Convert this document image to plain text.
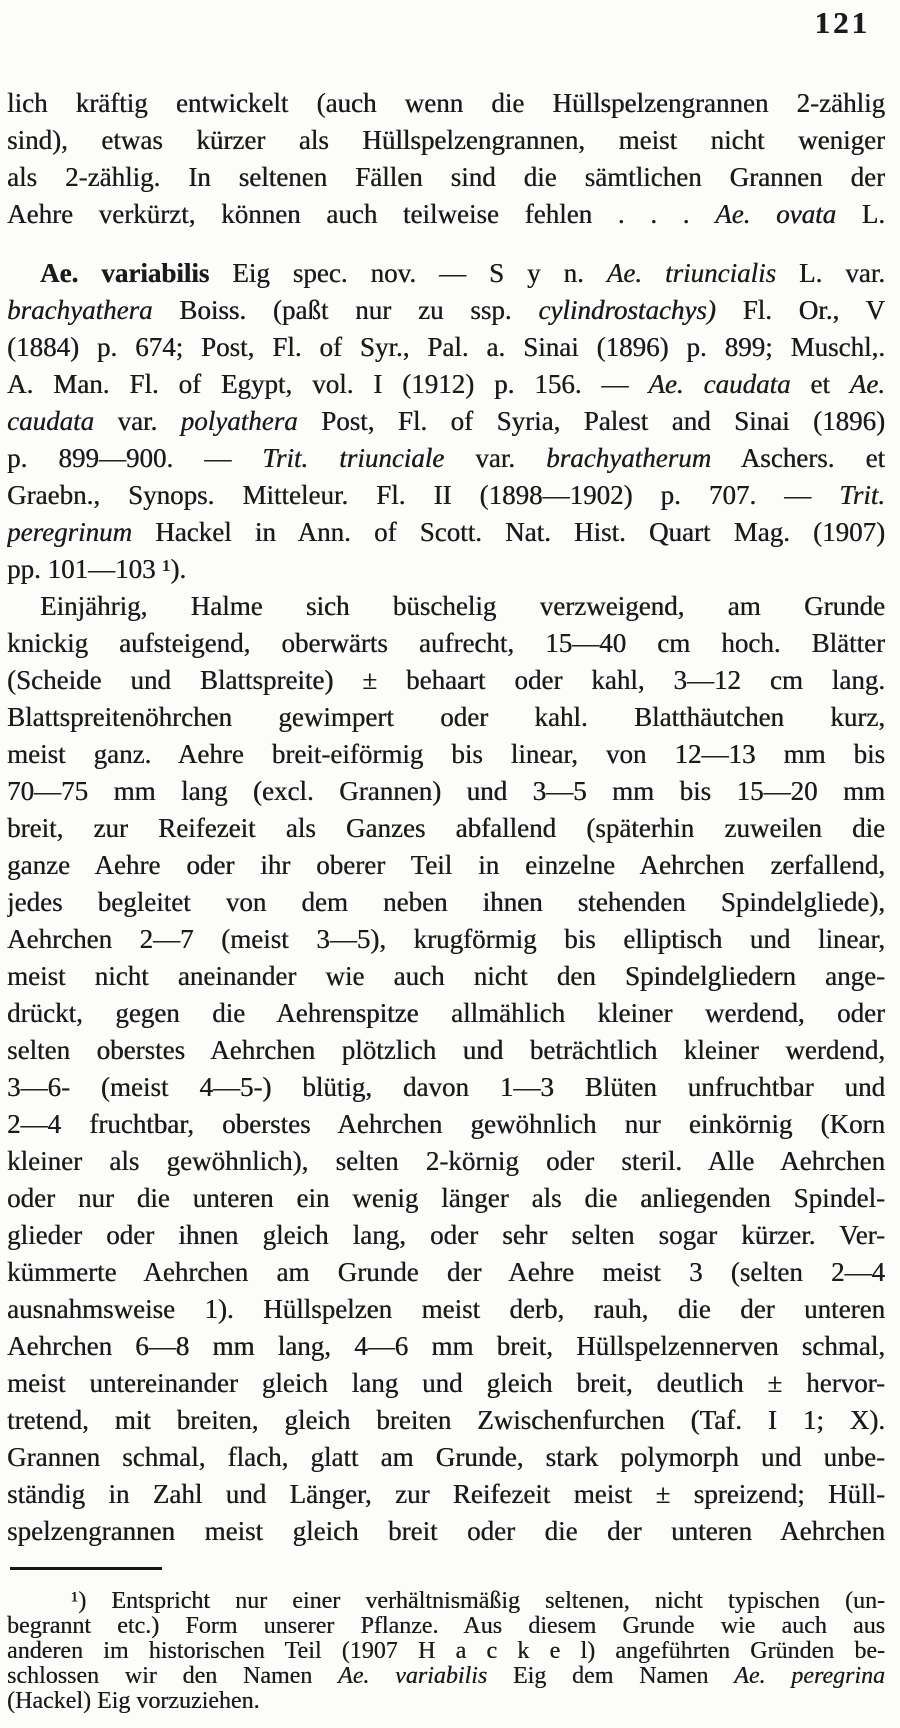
121
lich kräftig entwickelt (auch wenn die Hüllspelzengrannen 2-zählig
sind), etwas kürzer als Hüllspelzengrannen, meist nicht weniger
als 2-zählig. In seltenen Fällen sind die sämtlichen Grannen der
Aehre verkürzt, können auch teilweise fehlen . . . Ae. ovata L.
Ae. variabilis Eig spec. nov. — S y n. Ae. triuncialis L. var.
brachyathera Boiss. (paßt nur zu ssp. cylindrostachys) Fl. Or., V
(1884) p. 674; Post, Fl. of Syr., Pal. a. Sinai (1896) p. 899; Muschl,.
A. Man. Fl. of Egypt, vol. I (1912) p. 156. — Ae. caudata et Ae.
caudata var. polyathera Post, Fl. of Syria, Palest and Sinai (1896)
p. 899—900. — Trit. triunciale var. brachyatherum Aschers. et
Graebn., Synops. Mitteleur. Fl. II (1898—1902) p. 707. — Trit.
peregrinum Hackel in Ann. of Scott. Nat. Hist. Quart Mag. (1907)
pp. 101—103 ¹).
Einjährig, Halme sich büschelig verzweigend, am Grunde
knickig aufsteigend, oberwärts aufrecht, 15—40 cm hoch. Blätter
(Scheide und Blattspreite) ± behaart oder kahl, 3—12 cm lang.
Blattspreitenöhrchen gewimpert oder kahl. Blatthäutchen kurz,
meist ganz. Aehre breit-eiförmig bis linear, von 12—13 mm bis
70—75 mm lang (excl. Grannen) und 3—5 mm bis 15—20 mm
breit, zur Reifezeit als Ganzes abfallend (späterhin zuweilen die
ganze Aehre oder ihr oberer Teil in einzelne Aehrchen zerfallend,
jedes begleitet von dem neben ihnen stehenden Spindelgliede),
Aehrchen 2—7 (meist 3—5), krugförmig bis elliptisch und linear,
meist nicht aneinander wie auch nicht den Spindelgliedern ange-
drückt, gegen die Aehrenspitze allmählich kleiner werdend, oder
selten oberstes Aehrchen plötzlich und beträchtlich kleiner werdend,
3—6- (meist 4—5-) blütig, davon 1—3 Blüten unfruchtbar und
2—4 fruchtbar, oberstes Aehrchen gewöhnlich nur einkörnig (Korn
kleiner als gewöhnlich), selten 2-körnig oder steril. Alle Aehrchen
oder nur die unteren ein wenig länger als die anliegenden Spindel-
glieder oder ihnen gleich lang, oder sehr selten sogar kürzer. Ver-
kümmerte Aehrchen am Grunde der Aehre meist 3 (selten 2—4
ausnahmsweise 1). Hüllspelzen meist derb, rauh, die der unteren
Aehrchen 6—8 mm lang, 4—6 mm breit, Hüllspelzennerven schmal,
meist untereinander gleich lang und gleich breit, deutlich ± hervor-
tretend, mit breiten, gleich breiten Zwischenfurchen (Taf. I 1; X).
Grannen schmal, flach, glatt am Grunde, stark polymorph und unbe-
ständig in Zahl und Länger, zur Reifezeit meist ± spreizend; Hüll-
spelzengrannen meist gleich breit oder die der unteren Aehrchen
¹) Entspricht nur einer verhältnismäßig seltenen, nicht typischen (un-
begrannt etc.) Form unserer Pflanze. Aus diesem Grunde wie auch aus
anderen im historischen Teil (1907 H a c k e l) angeführten Gründen be-
schlossen wir den Namen Ae. variabilis Eig dem Namen Ae. peregrina
(Hackel) Eig vorzuziehen.
